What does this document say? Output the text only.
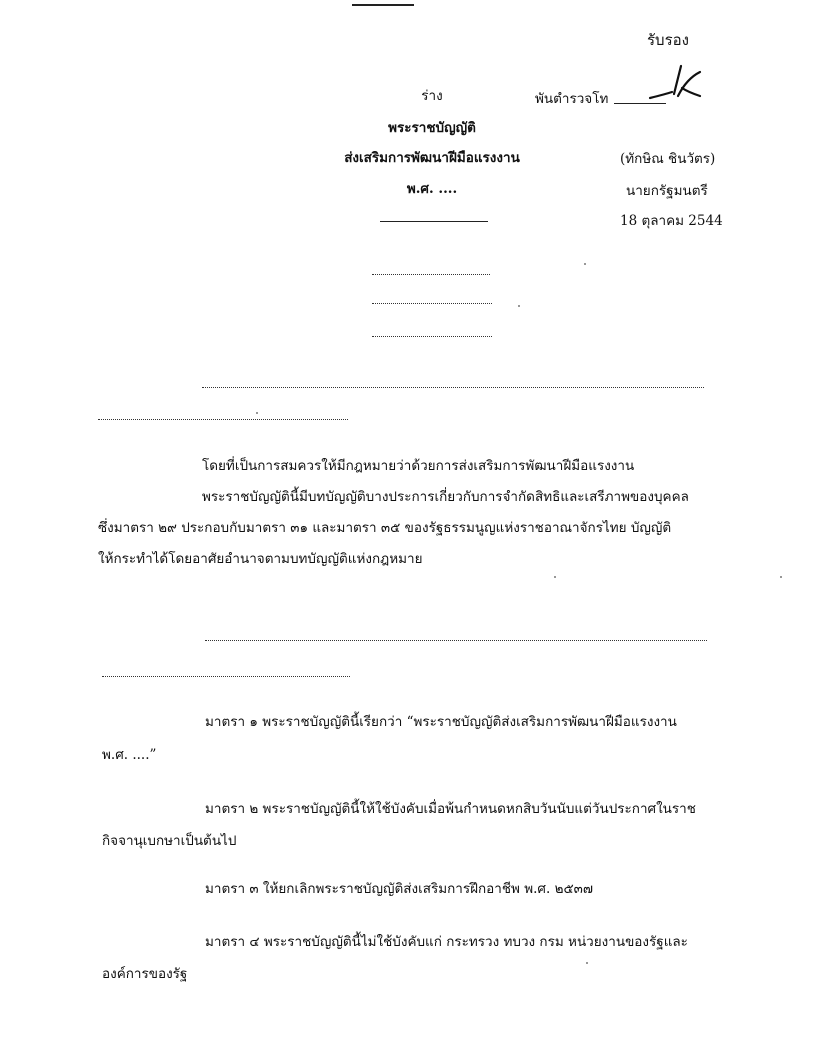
รับรอง
พันตำรวจโท
(ทักษิณ ชินวัตร)
นายกรัฐมนตรี
18 ตุลาคม 2544
ร่าง
พระราชบัญญัติ
ส่งเสริมการพัฒนาฝีมือแรงงาน
พ.ศ. ....
โดยที่เป็นการสมควรให้มีกฎหมายว่าด้วยการส่งเสริมการพัฒนาฝีมือแรงงาน
พระราชบัญญัตินี้มีบทบัญญัติบางประการเกี่ยวกับการจำกัดสิทธิและเสรีภาพของบุคคล
ซึ่งมาตรา ๒๙ ประกอบกับมาตรา ๓๑ และมาตรา ๓๕ ของรัฐธรรมนูญแห่งราชอาณาจักรไทย บัญญัติ
ให้กระทำได้โดยอาศัยอำนาจตามบทบัญญัติแห่งกฎหมาย
มาตรา ๑ พระราชบัญญัตินี้เรียกว่า “พระราชบัญญัติส่งเสริมการพัฒนาฝีมือแรงงาน
พ.ศ. ....”
มาตรา ๒ พระราชบัญญัตินี้ให้ใช้บังคับเมื่อพ้นกำหนดหกสิบวันนับแต่วันประกาศในราช
กิจจานุเบกษาเป็นต้นไป
มาตรา ๓ ให้ยกเลิกพระราชบัญญัติส่งเสริมการฝึกอาชีพ พ.ศ. ๒๕๓๗
มาตรา ๔ พระราชบัญญัตินี้ไม่ใช้บังคับแก่ กระทรวง ทบวง กรม หน่วยงานของรัฐและ
องค์การของรัฐ
